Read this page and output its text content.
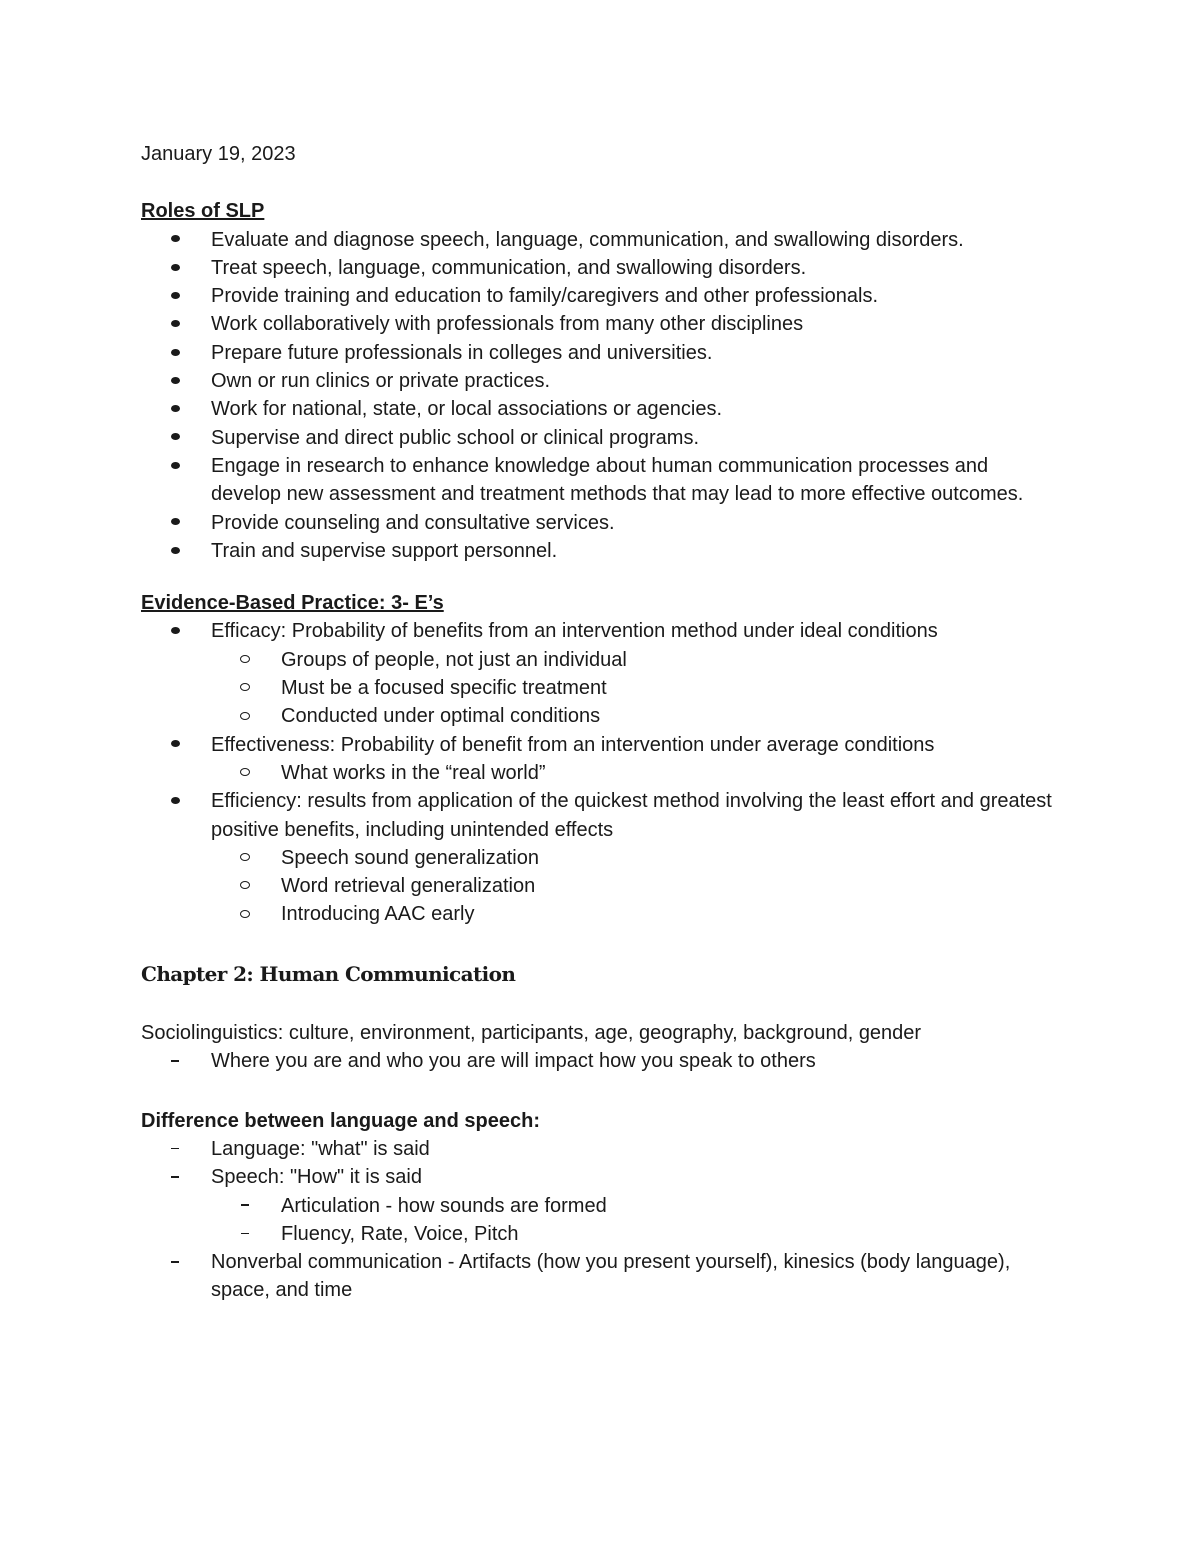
January 19, 2023

Roles of SLP

Evaluate and diagnose speech, language, communication, and swallowing disorders.
Treat speech, language, communication, and swallowing disorders.
Provide training and education to family/caregivers and other professionals.
Work collaboratively with professionals from many other disciplines
Prepare future professionals in colleges and universities.
Own or run clinics or private practices.
Work for national, state, or local associations or agencies.
Supervise and direct public school or clinical programs.
Engage in research to enhance knowledge about human communication processes and develop new assessment and treatment methods that may lead to more effective outcomes.
Provide counseling and consultative services.
Train and supervise support personnel.

Evidence-Based Practice: 3- E’s

Efficacy: Probability of benefits from an intervention method under ideal conditions
Groups of people, not just an individual
Must be a focused specific treatment
Conducted under optimal conditions
Effectiveness: Probability of benefit from an intervention under average conditions
What works in the “real world”
Efficiency: results from application of the quickest method involving the least effort and greatest positive benefits, including unintended effects
Speech sound generalization
Word retrieval generalization
Introducing AAC early

Chapter 2: Human Communication

Sociolinguistics: culture, environment, participants, age, geography, background, gender

Where you are and who you are will impact how you speak to others

Difference between language and speech:

Language: "what" is said
Speech: "How" it is said
Articulation - how sounds are formed
Fluency, Rate, Voice, Pitch
Nonverbal communication - Artifacts (how you present yourself), kinesics (body language), space, and time
